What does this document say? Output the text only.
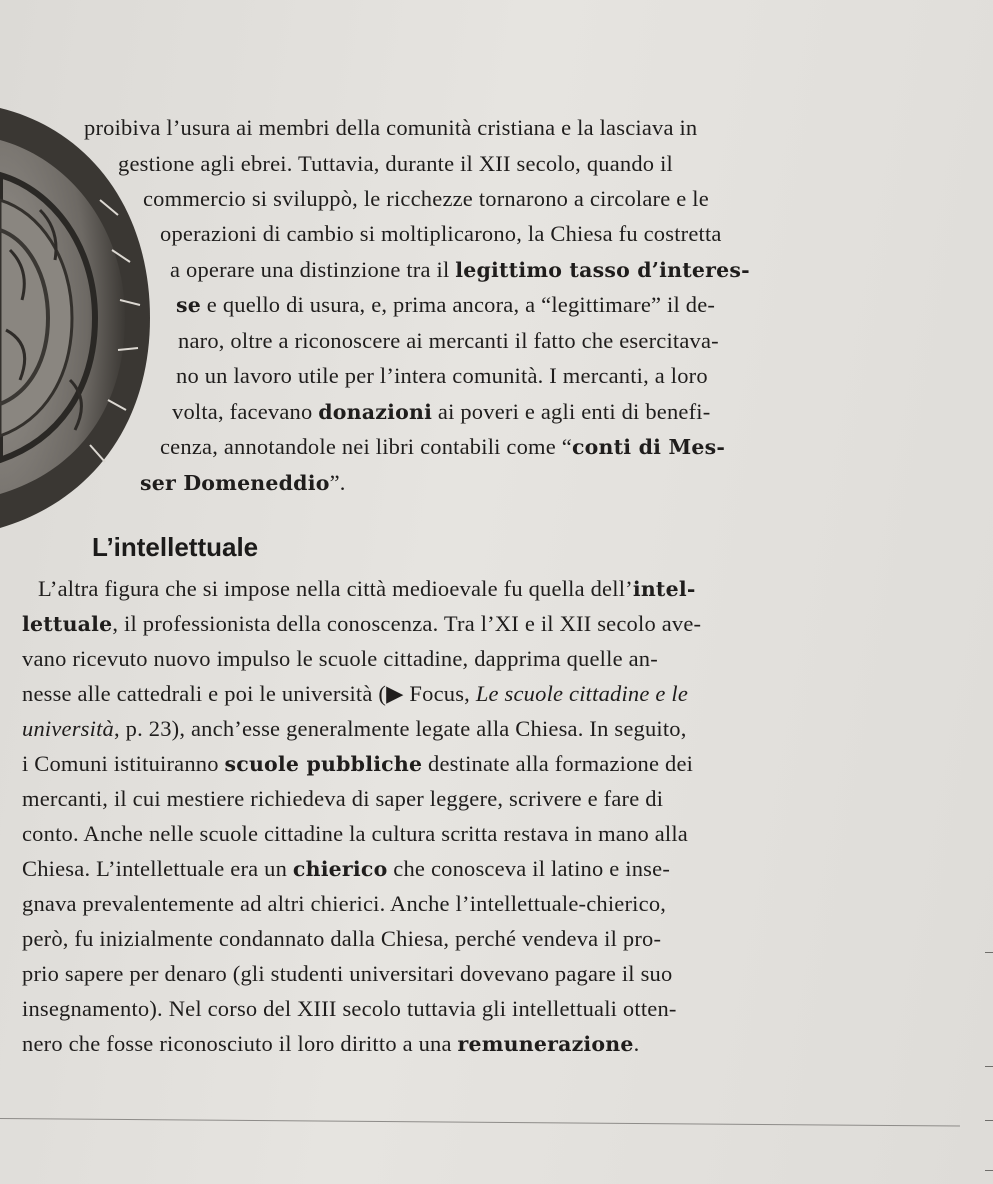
proibiva l’usura ai membri della comunità cristiana e la lasciava in
gestione agli ebrei. Tuttavia, durante il XII secolo, quando il
commercio si sviluppò, le ricchezze tornarono a circolare e le
operazioni di cambio si moltiplicarono, la Chiesa fu costretta
a operare una distinzione tra il legittimo tasso d’interes-
se e quello di usura, e, prima ancora, a “legittimare” il de-
naro, oltre a riconoscere ai mercanti il fatto che esercitava-
no un lavoro utile per l’intera comunità. I mercanti, a loro
volta, facevano donazioni ai poveri e agli enti di benefi-
cenza, annotandole nei libri contabili come “conti di Mes-
ser Domeneddio”.
L’intellettuale
L’altra figura che si impose nella città medioevale fu quella dell’intel-
lettuale, il professionista della conoscenza. Tra l’XI e il XII secolo ave-
vano ricevuto nuovo impulso le scuole cittadine, dapprima quelle an-
nesse alle cattedrali e poi le università (▶ Focus, Le scuole cittadine e le
università, p. 23), anch’esse generalmente legate alla Chiesa. In seguito,
i Comuni istituiranno scuole pubbliche destinate alla formazione dei
mercanti, il cui mestiere richiedeva di saper leggere, scrivere e fare di
conto. Anche nelle scuole cittadine la cultura scritta restava in mano alla
Chiesa. L’intellettuale era un chierico che conosceva il latino e inse-
gnava prevalentemente ad altri chierici. Anche l’intellettuale-chierico,
però, fu inizialmente condannato dalla Chiesa, perché vendeva il pro-
prio sapere per denaro (gli studenti universitari dovevano pagare il suo
insegnamento). Nel corso del XIII secolo tuttavia gli intellettuali otten-
nero che fosse riconosciuto il loro diritto a una remunerazione.
